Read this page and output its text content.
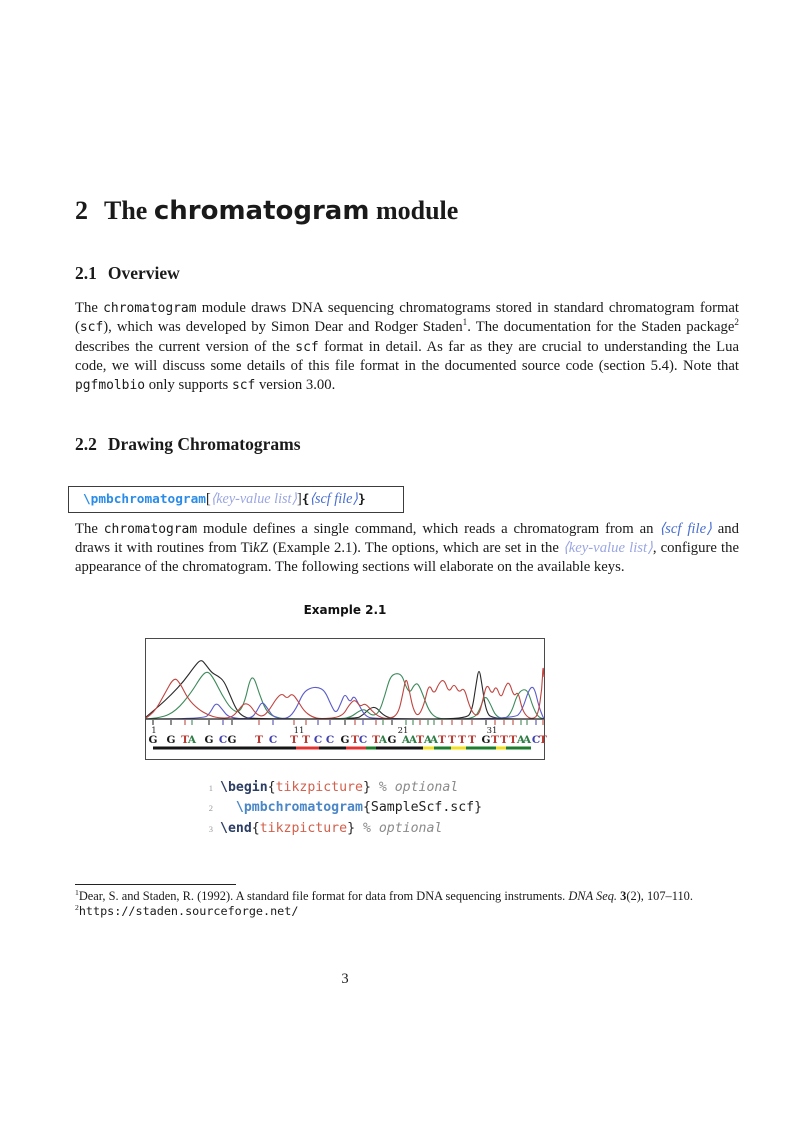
2 The chromatogram module
2.1 Overview

The chromatogram module draws DNA sequencing chromatograms stored in standard chromatogram format (scf), which was developed by Simon Dear and Rodger Staden$^1$. The documentation for the Staden package$^2$ describes the current version of the scf format in detail. As far as they are crucial to understanding the Lua code, we will discuss some details of this file format in the documented source code (section 5.4). Note that pgfmolbio only supports scf version 3.00.

2.2 Drawing Chromatograms
\pmbchromatogram[⟨key-value list⟩]{⟨scf file⟩}

The chromatogram module defines a single command, which reads a chromatogram from an ⟨scf file⟩ and draws it with routines from TikZ (Example 2.1). The options, which are set in the ⟨key-value list⟩, configure the appearance of the chromatogram. The following sections will elaborate on the available keys.

Example 2.1
G G T A G C G T C T T C C G T C T A G A
A T A
A T T T T G T T T A
A C
T
1	11	21	31
1 \begin{tikzpicture} % optional
2 \pmbchromatogram{SampleScf.scf}
3 \end{tikzpicture} % optional
$^1$Dear, S. and Staden, R. (1992). A standard file format for data from DNA sequencing instruments. DNA Seq. 3(2), 107–110.
$^2$https://staden.sourceforge.net/
3
